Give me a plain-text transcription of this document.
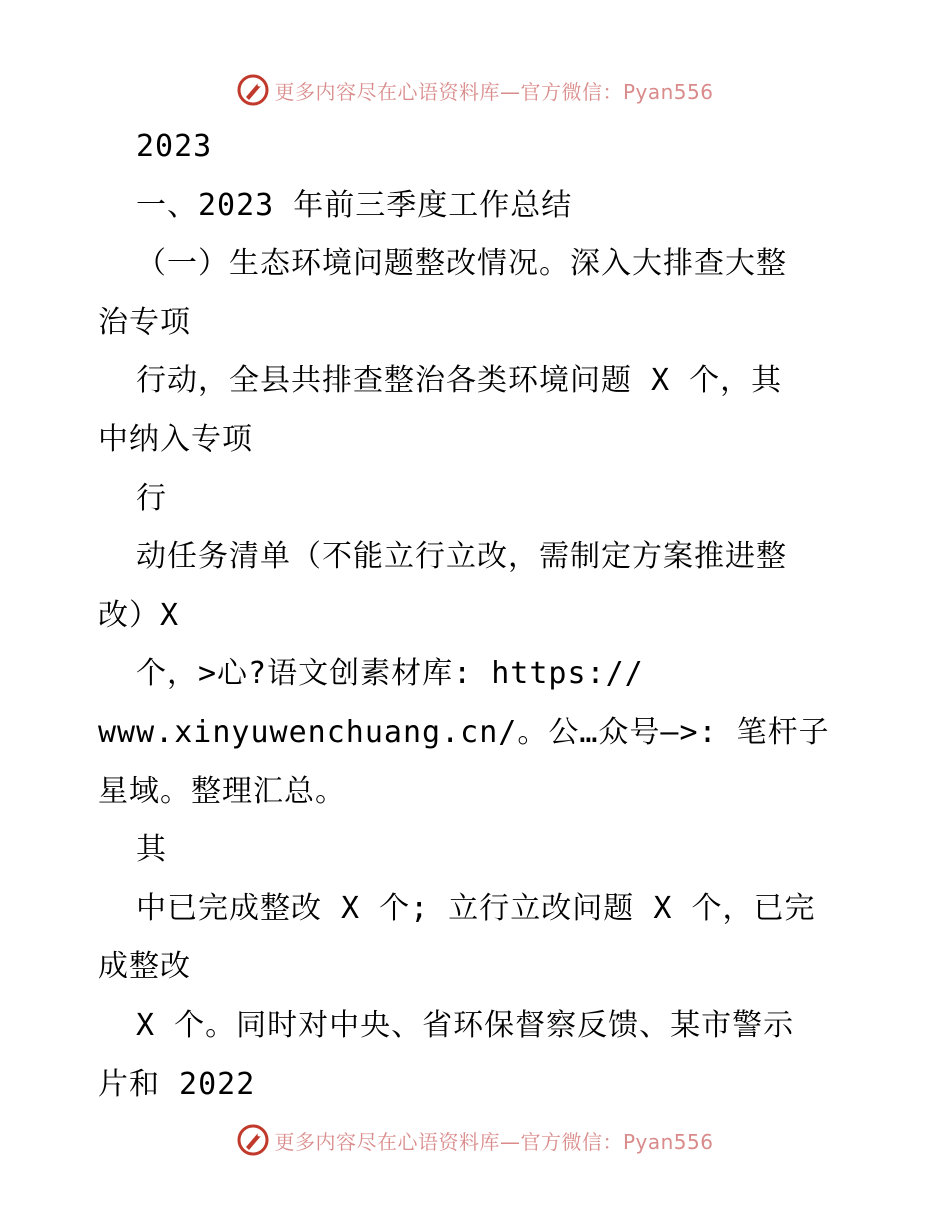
更多内容尽在心语资料库—官方微信：Pyan556
2023
一、2023 年前三季度工作总结
（一）生态环境问题整改情况。深入大排查大整
治专项
行动，全县共排查整治各类环境问题 X 个，其
中纳入专项
行
动任务清单（不能立行立改，需制定方案推进整
改）X
个，>心?语文创素材库: https://
www.xinyuwenchuang.cn/。公…众号—>: 笔杆子
星域。整理汇总。
其
中已完成整改 X 个; 立行立改问题 X 个，已完
成整改
X 个。同时对中央、省环保督察反馈、某市警示
片和 2022
更多内容尽在心语资料库—官方微信：Pyan556
